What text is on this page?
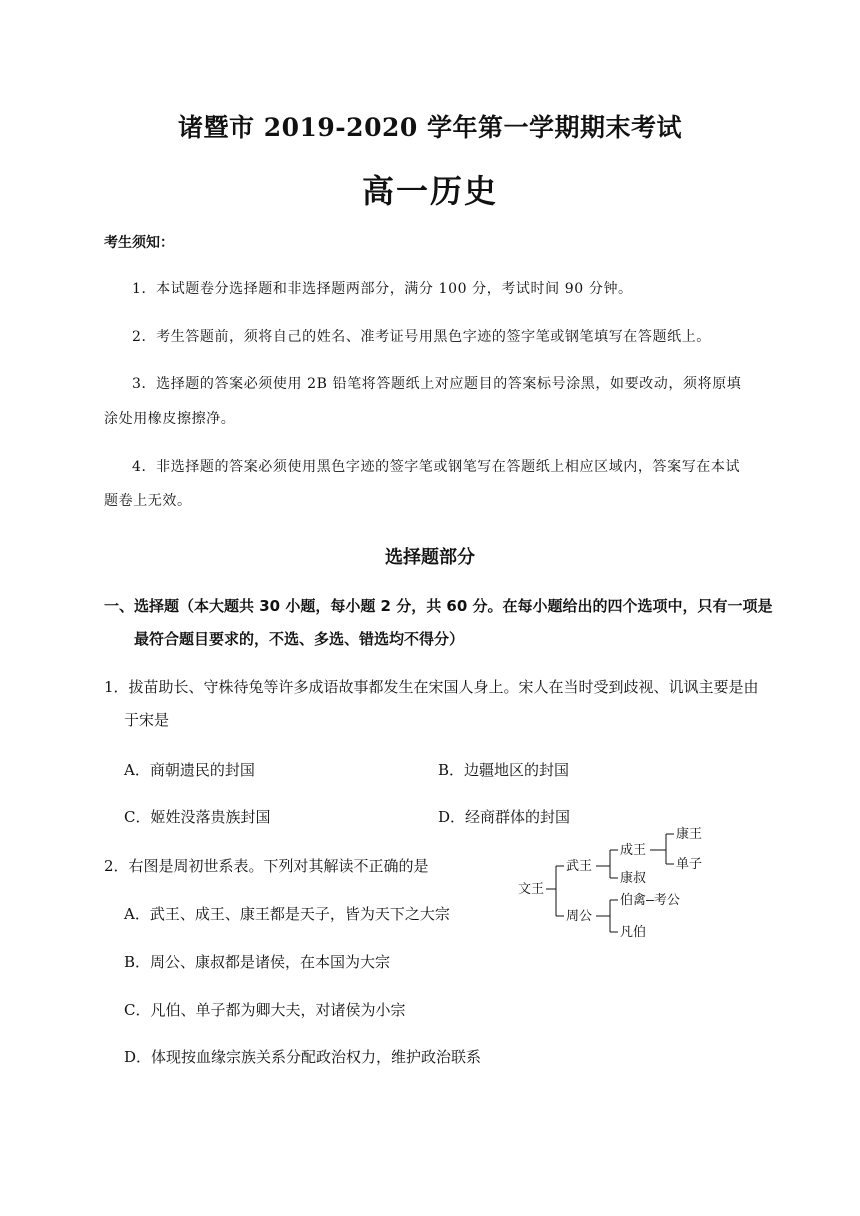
诸暨市 2019-2020 学年第一学期期末考试
高一历史
考生须知：
1．本试题卷分选择题和非选择题两部分，满分 100 分，考试时间 90 分钟。
2．考生答题前，须将自己的姓名、准考证号用黑色字迹的签字笔或钢笔填写在答题纸上。
3．选择题的答案必须使用 2B 铅笔将答题纸上对应题目的答案标号涂黑，如要改动，须将原填
涂处用橡皮擦擦净。
4．非选择题的答案必须使用黑色字迹的签字笔或钢笔写在答题纸上相应区域内，答案写在本试
题卷上无效。
选择题部分
一、选择题（本大题共 30 小题，每小题 2 分，共 60 分。在每小题给出的四个选项中，只有一项是
最符合题目要求的，不选、多选、错选均不得分）
1．拔苗助长、守株待兔等许多成语故事都发生在宋国人身上。宋人在当时受到歧视、讥讽主要是由
于宋是
A．商朝遗民的封国	B．边疆地区的封国
C．姬姓没落贵族封国	D．经商群体的封国
2．右图是周初世系表。下列对其解读不正确的是
A．武王、成王、康王都是天子，皆为天下之大宗
B．周公、康叔都是诸侯，在本国为大宗
C．凡伯、单子都为卿大夫，对诸侯为小宗
D．体现按血缘宗族关系分配政治权力，维护政治联系
文王
武王
周公
成王
康叔
康王
单子
伯禽—考公
凡伯
